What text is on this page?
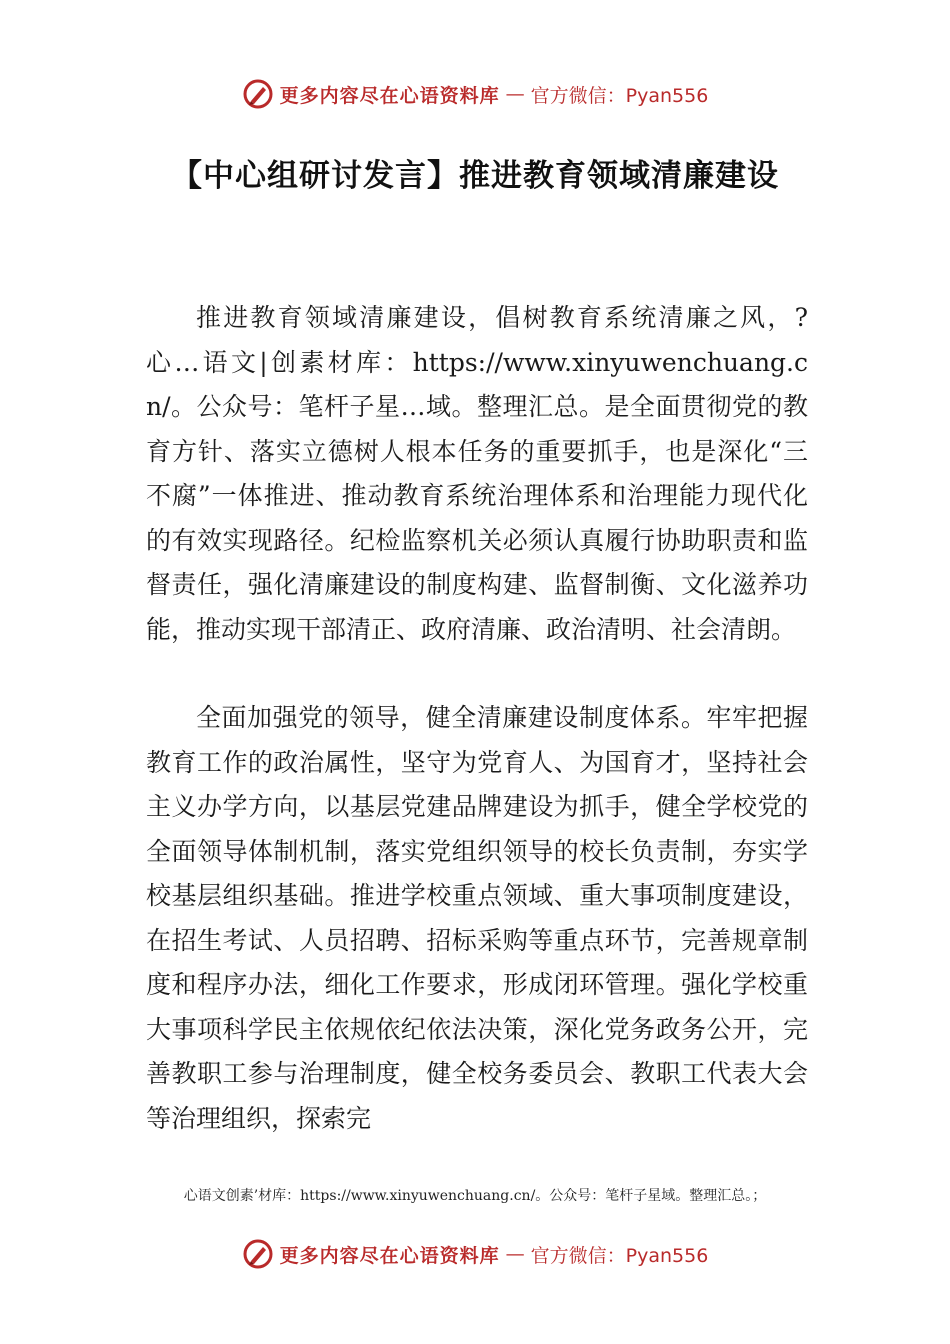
更多内容尽在心语资料库 — 官方微信：Pyan556
【中心组研讨发言】推进教育领域清廉建设

推进教育领域清廉建设，倡树教育系统清廉之风，?心…语文|创素材库：https://www.xinyuwenchuang.cn/。公众号：笔杆子星…域。整理汇总。是全面贯彻党的教育方针、落实立德树人根本任务的重要抓手，也是深化“三不腐”一体推进、推动教育系统治理体系和治理能力现代化的有效实现路径。纪检监察机关必须认真履行协助职责和监督责任，强化清廉建设的制度构建、监督制衡、文化滋养功能，推动实现干部清正、政府清廉、政治清明、社会清朗。

全面加强党的领导，健全清廉建设制度体系。牢牢把握教育工作的政治属性，坚守为党育人、为国育才，坚持社会主义办学方向，以基层党建品牌建设为抓手，健全学校党的全面领导体制机制，落实党组织领导的校长负责制，夯实学校基层组织基础。推进学校重点领域、重大事项制度建设，在招生考试、人员招聘、招标采购等重点环节，完善规章制度和程序办法，细化工作要求，形成闭环管理。强化学校重大事项科学民主依规依纪依法决策，深化党务政务公开，完善教职工参与治理制度，健全校务委员会、教职工代表大会等治理组织，探索完

心语文创素’材库：https://www.xinyuwenchuang.cn/。公众号：笔杆子星域。整理汇总。；
更多内容尽在心语资料库 — 官方微信：Pyan556
